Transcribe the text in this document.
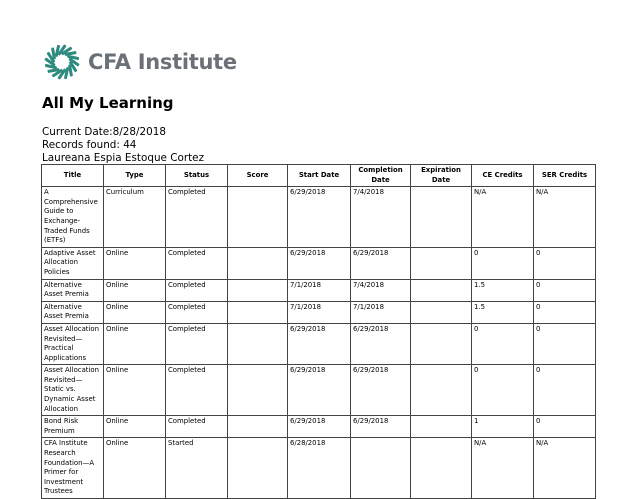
CFA Institute
All My Learning
Current Date:8/28/2018
Records found: 44
Laureana Espia Estoque Cortez
Title	Type	Status	Score	Start Date	Completion Date	Expiration Date	CE Credits	SER Credits
A Comprehensive Guide to Exchange-Traded Funds (ETFs)	Curriculum	Completed		6/29/2018	7/4/2018		N/A	N/A
Adaptive Asset Allocation Policies	Online	Completed		6/29/2018	6/29/2018		0	0
Alternative Asset Premia	Online	Completed		7/1/2018	7/4/2018		1.5	0
Alternative Asset Premia	Online	Completed		7/1/2018	7/1/2018		1.5	0
Asset Allocation Revisited—Practical Applications	Online	Completed		6/29/2018	6/29/2018		0	0
Asset Allocation Revisited—Static vs. Dynamic Asset Allocation	Online	Completed		6/29/2018	6/29/2018		0	0
Bond Risk Premium	Online	Completed		6/29/2018	6/29/2018		1	0
CFA Institute Research Foundation—A Primer for Investment Trustees	Online	Started		6/28/2018			N/A	N/A
